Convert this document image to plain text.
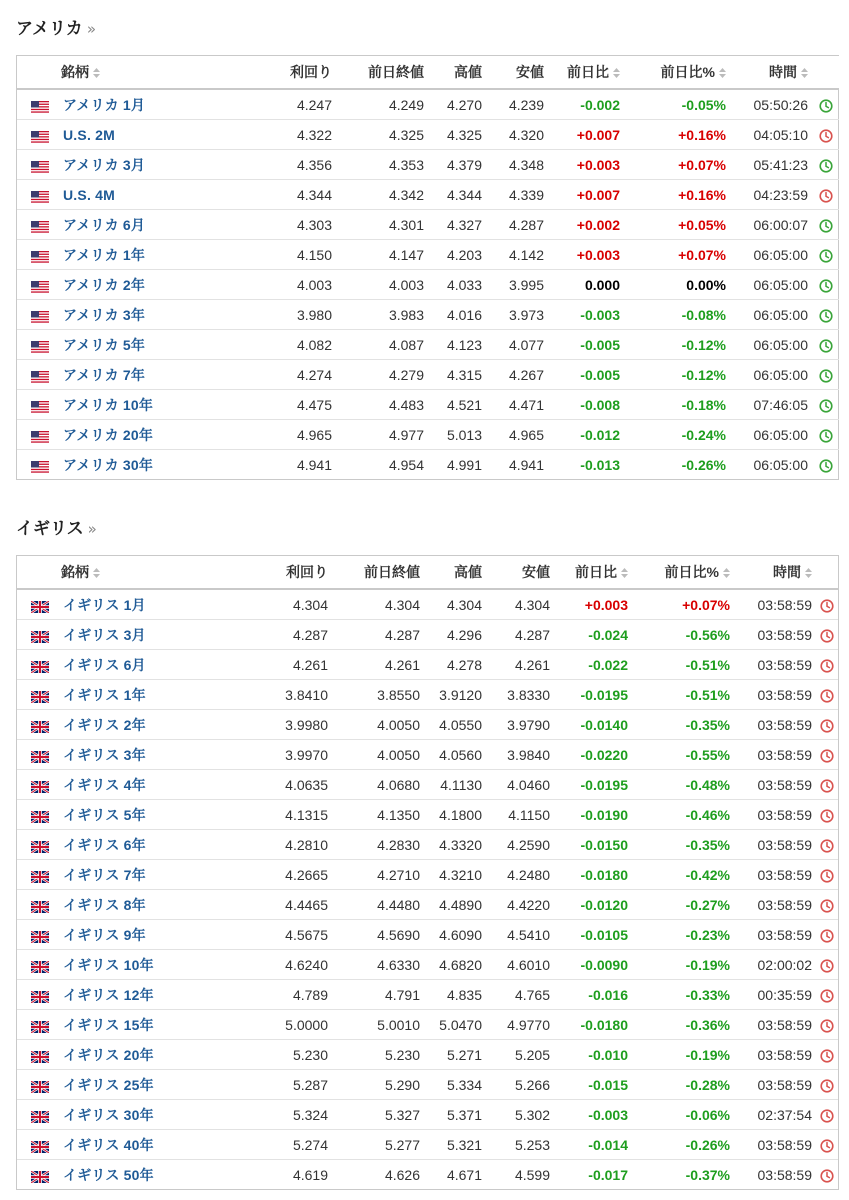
アメリカ »
銘柄	利回り	前日終値	高値	安値	前日比	前日比%	時間

アメリカ 1月	4.247	4.249	4.270	4.239	-0.002	-0.05%	05:50:26	
U.S. 2M	4.322	4.325	4.325	4.320	+0.007	+0.16%	04:05:10	
アメリカ 3月	4.356	4.353	4.379	4.348	+0.003	+0.07%	05:41:23	
U.S. 4M	4.344	4.342	4.344	4.339	+0.007	+0.16%	04:23:59	
アメリカ 6月	4.303	4.301	4.327	4.287	+0.002	+0.05%	06:00:07	
アメリカ 1年	4.150	4.147	4.203	4.142	+0.003	+0.07%	06:05:00	
アメリカ 2年	4.003	4.003	4.033	3.995	0.000	0.00%	06:05:00	
アメリカ 3年	3.980	3.983	4.016	3.973	-0.003	-0.08%	06:05:00	
アメリカ 5年	4.082	4.087	4.123	4.077	-0.005	-0.12%	06:05:00	
アメリカ 7年	4.274	4.279	4.315	4.267	-0.005	-0.12%	06:05:00	
アメリカ 10年	4.475	4.483	4.521	4.471	-0.008	-0.18%	07:46:05	
アメリカ 20年	4.965	4.977	5.013	4.965	-0.012	-0.24%	06:05:00	
アメリカ 30年	4.941	4.954	4.991	4.941	-0.013	-0.26%	06:05:00	
イギリス »
銘柄	利回り	前日終値	高値	安値	前日比	前日比%	時間

イギリス 1月	4.304	4.304	4.304	4.304	+0.003	+0.07%	03:58:59	
イギリス 3月	4.287	4.287	4.296	4.287	-0.024	-0.56%	03:58:59	
イギリス 6月	4.261	4.261	4.278	4.261	-0.022	-0.51%	03:58:59	
イギリス 1年	3.8410	3.8550	3.9120	3.8330	-0.0195	-0.51%	03:58:59	
イギリス 2年	3.9980	4.0050	4.0550	3.9790	-0.0140	-0.35%	03:58:59	
イギリス 3年	3.9970	4.0050	4.0560	3.9840	-0.0220	-0.55%	03:58:59	
イギリス 4年	4.0635	4.0680	4.1130	4.0460	-0.0195	-0.48%	03:58:59	
イギリス 5年	4.1315	4.1350	4.1800	4.1150	-0.0190	-0.46%	03:58:59	
イギリス 6年	4.2810	4.2830	4.3320	4.2590	-0.0150	-0.35%	03:58:59	
イギリス 7年	4.2665	4.2710	4.3210	4.2480	-0.0180	-0.42%	03:58:59	
イギリス 8年	4.4465	4.4480	4.4890	4.4220	-0.0120	-0.27%	03:58:59	
イギリス 9年	4.5675	4.5690	4.6090	4.5410	-0.0105	-0.23%	03:58:59	
イギリス 10年	4.6240	4.6330	4.6820	4.6010	-0.0090	-0.19%	02:00:02	
イギリス 12年	4.789	4.791	4.835	4.765	-0.016	-0.33%	00:35:59	
イギリス 15年	5.0000	5.0010	5.0470	4.9770	-0.0180	-0.36%	03:58:59	
イギリス 20年	5.230	5.230	5.271	5.205	-0.010	-0.19%	03:58:59	
イギリス 25年	5.287	5.290	5.334	5.266	-0.015	-0.28%	03:58:59	
イギリス 30年	5.324	5.327	5.371	5.302	-0.003	-0.06%	02:37:54	
イギリス 40年	5.274	5.277	5.321	5.253	-0.014	-0.26%	03:58:59	
イギリス 50年	4.619	4.626	4.671	4.599	-0.017	-0.37%	03:58:59	
